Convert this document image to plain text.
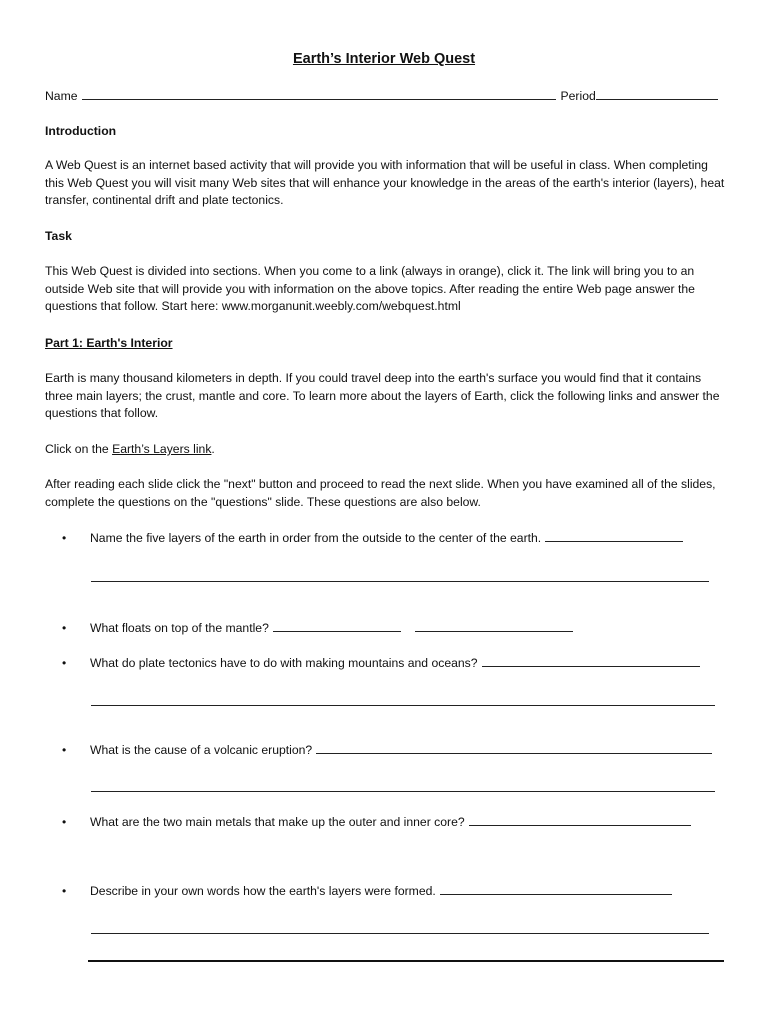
Earth’s Interior Web Quest
Name	Period
Introduction
A Web Quest is an internet based activity that will provide you with information that will be useful in class. When completing this Web Quest you will visit many Web sites that will enhance your knowledge in the areas of the earth's interior (layers), heat transfer, continental drift and plate tectonics.
Task
This Web Quest is divided into sections. When you come to a link (always in orange), click it. The link will bring you to an outside Web site that will provide you with information on the above topics. After reading the entire Web page answer the questions that follow. Start here: www.morganunit.weebly.com/webquest.html
Part 1: Earth's Interior
Earth is many thousand kilometers in depth. If you could travel deep into the earth's surface you would find that it contains three main layers; the crust, mantle and core. To learn more about the layers of Earth, click the following links and answer the questions that follow.
Click on the Earth’s Layers link.
After reading each slide click the "next" button and proceed to read the next slide. When you have examined all of the slides, complete the questions on the "questions" slide. These questions are also below.
•	Name the five layers of the earth in order from the outside to the center of the earth.
•	What floats on top of the mantle?
•	What do plate tectonics have to do with making mountains and oceans?
•	What is the cause of a volcanic eruption?
•	What are the two main metals that make up the outer and inner core?
•	Describe in your own words how the earth's layers were formed.
